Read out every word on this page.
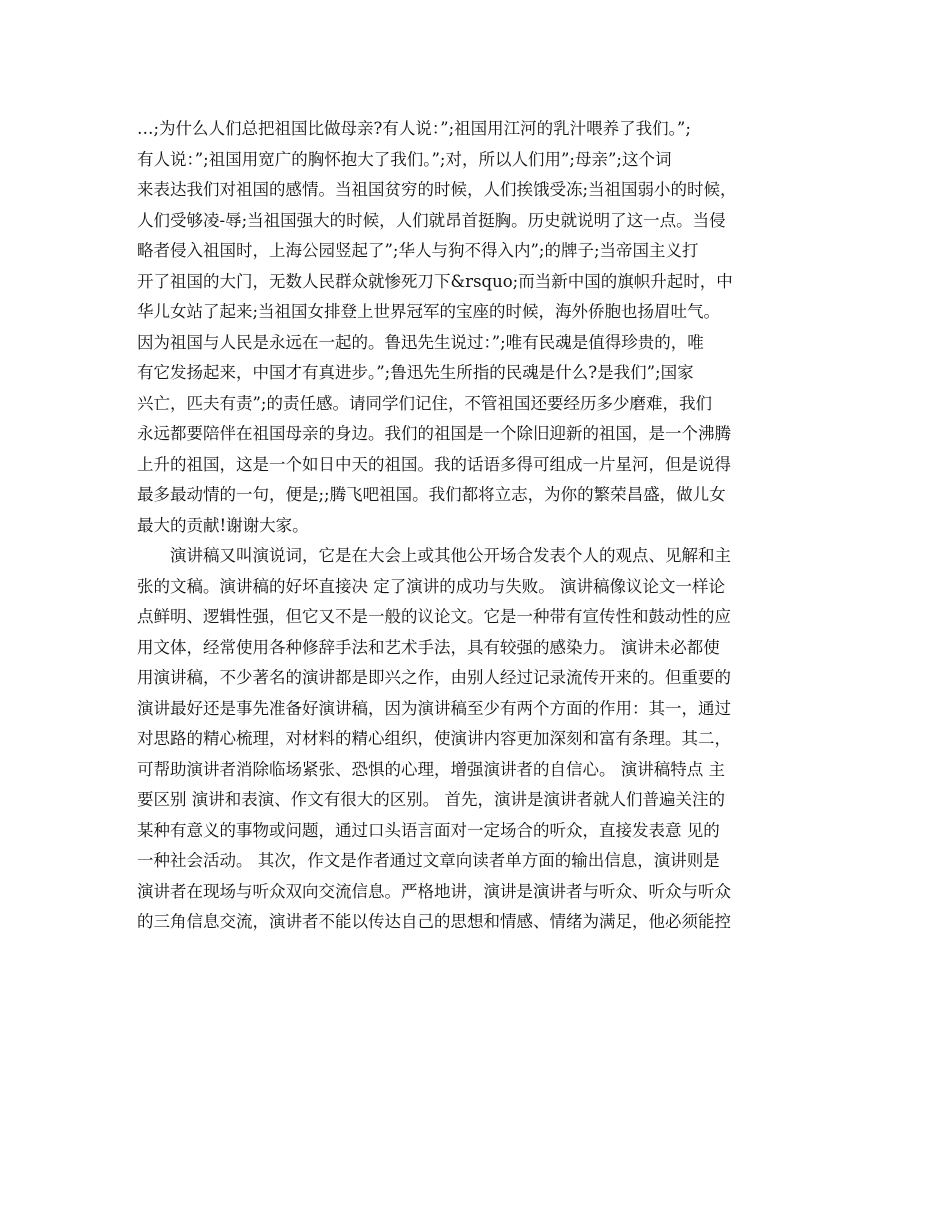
…;为什么人们总把祖国比做母亲?有人说：”;祖国用江河的乳汁喂养了我们。”;
有人说：”;祖国用宽广的胸怀抱大了我们。”;对，所以人们用”;母亲”;这个词
来表达我们对祖国的感情。当祖国贫穷的时候，人们挨饿受冻;当祖国弱小的时候，
人们受够凌-辱;当祖国强大的时候，人们就昂首挺胸。历史就说明了这一点。当侵
略者侵入祖国时，上海公园竖起了”;华人与狗不得入内”;的牌子;当帝国主义打
开了祖国的大门，无数人民群众就惨死刀下&rsquo;而当新中国的旗帜升起时，中
华儿女站了起来;当祖国女排登上世界冠军的宝座的时候，海外侨胞也扬眉吐气。
因为祖国与人民是永远在一起的。鲁迅先生说过：”;唯有民魂是值得珍贵的，唯
有它发扬起来，中国才有真进步。”;鲁迅先生所指的民魂是什么?是我们”;国家
兴亡，匹夫有责”;的责任感。请同学们记住，不管祖国还要经历多少磨难，我们
永远都要陪伴在祖国母亲的身边。我们的祖国是一个除旧迎新的祖国，是一个沸腾
上升的祖国，这是一个如日中天的祖国。我的话语多得可组成一片星河，但是说得
最多最动情的一句，便是;;腾飞吧祖国。我们都将立志，为你的繁荣昌盛，做儿女
最大的贡献!谢谢大家。
演讲稿又叫演说词，它是在大会上或其他公开场合发表个人的观点、见解和主
张的文稿。演讲稿的好坏直接决 定了演讲的成功与失败。 演讲稿像议论文一样论
点鲜明、逻辑性强，但它又不是一般的议论文。它是一种带有宣传性和鼓动性的应
用文体，经常使用各种修辞手法和艺术手法，具有较强的感染力。 演讲未必都使
用演讲稿，不少著名的演讲都是即兴之作，由别人经过记录流传开来的。但重要的
演讲最好还是事先准备好演讲稿，因为演讲稿至少有两个方面的作用：其一，通过
对思路的精心梳理，对材料的精心组织，使演讲内容更加深刻和富有条理。其二，
可帮助演讲者消除临场紧张、恐惧的心理，增强演讲者的自信心。 演讲稿特点 主
要区别 演讲和表演、作文有很大的区别。 首先，演讲是演讲者就人们普遍关注的
某种有意义的事物或问题，通过口头语言面对一定场合的听众，直接发表意 见的
一种社会活动。 其次，作文是作者通过文章向读者单方面的输出信息，演讲则是
演讲者在现场与听众双向交流信息。严格地讲，演讲是演讲者与听众、听众与听众
的三角信息交流，演讲者不能以传达自己的思想和情感、情绪为满足，他必须能控
